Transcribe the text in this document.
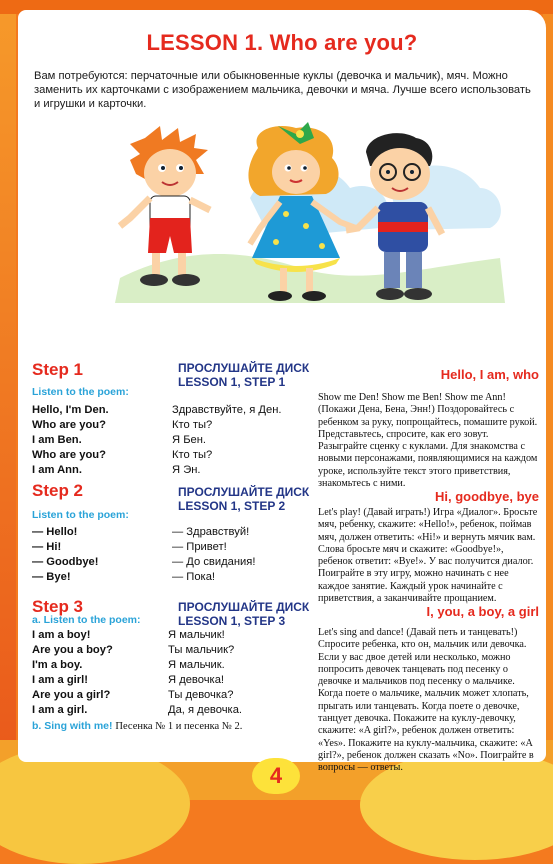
LESSON 1. Who are you?
Вам потребуются: перчаточные или обыкновенные куклы (девочка и мальчик), мяч. Можно заменить их карточками с изображением мальчика, девочки и мяча. Лучше всего использовать и игрушки и карточки.
Step 1
Listen to the poem:
ПРОСЛУШАЙТЕ ДИСК
LESSON 1, STEP 1	Hello, I am, who
Show me Den! Show me Ben! Show me Ann! (Покажи Дена, Бена, Энн!) Поздоровайтесь с ребенком за руку, попрощайтесь, помашите рукой. Представьтесь, спросите, как его зовут. Разыграйте сценку с куклами. Для знакомства с новыми персонажами, появляющимися на каждом уроке, используйте текст этого приветствия, знакомьтесь с ними.
Hello, I'm Den.
Who are you?
I am Ben.
Who are you?
I am Ann.
Здравствуйте, я Ден.
Кто ты?
Я Бен.
Кто ты?
Я Эн.
Step 2
Listen to the poem:
ПРОСЛУШАЙТЕ ДИСК
LESSON 1, STEP 2
Hi, goodbye, bye
Let's play! (Давай играть!) Игра «Диалог». Бросьте мяч, ребенку, скажите: «Hello!», ребенок, поймав мяч, должен ответить: «Hi!» и вернуть мячик вам. Слова бросьте мяч и скажите: «Goodbye!», ребенок ответит: «Bye!». У вас получится диалог. Поиграйте в эту игру, можно начинать с нее каждое занятие. Каждый урок начинайте с приветствия, а заканчивайте прощанием.
— Hello!
— Hi!
— Goodbye!
— Bye!
— Здравствуй!
— Привет!
— До свидания!
— Пока!
Step 3
a. Listen to the poem:
ПРОСЛУШАЙТЕ ДИСК
LESSON 1, STEP 3
I, you, a boy, a girl
Let's sing and dance! (Давай петь и танцевать!) Спросите ребенка, кто он, мальчик или девочка. Если у вас двое детей или несколько, можно попросить девочек танцевать под песенку о девочке и мальчиков под песенку о мальчике. Когда поете о мальчике, мальчик может хлопать, прыгать или танцевать. Когда поете о девочке, танцует девочка. Покажите на куклу-девочку, скажите: «A girl?», ребенок должен ответить: «Yes». Покажите на куклу-мальчика, скажите: «A girl?», ребенок должен сказать «No». Поиграйте в вопросы — ответы.
I am a boy!
Are you a boy?
I'm a boy.
I am a girl!
Are you a girl?
I am a girl.
Я мальчик!
Ты мальчик?
Я мальчик.
Я девочка!
Ты девочка?
Да, я девочка.
b. Sing with me! Песенка № 1 и песенка № 2.
4
